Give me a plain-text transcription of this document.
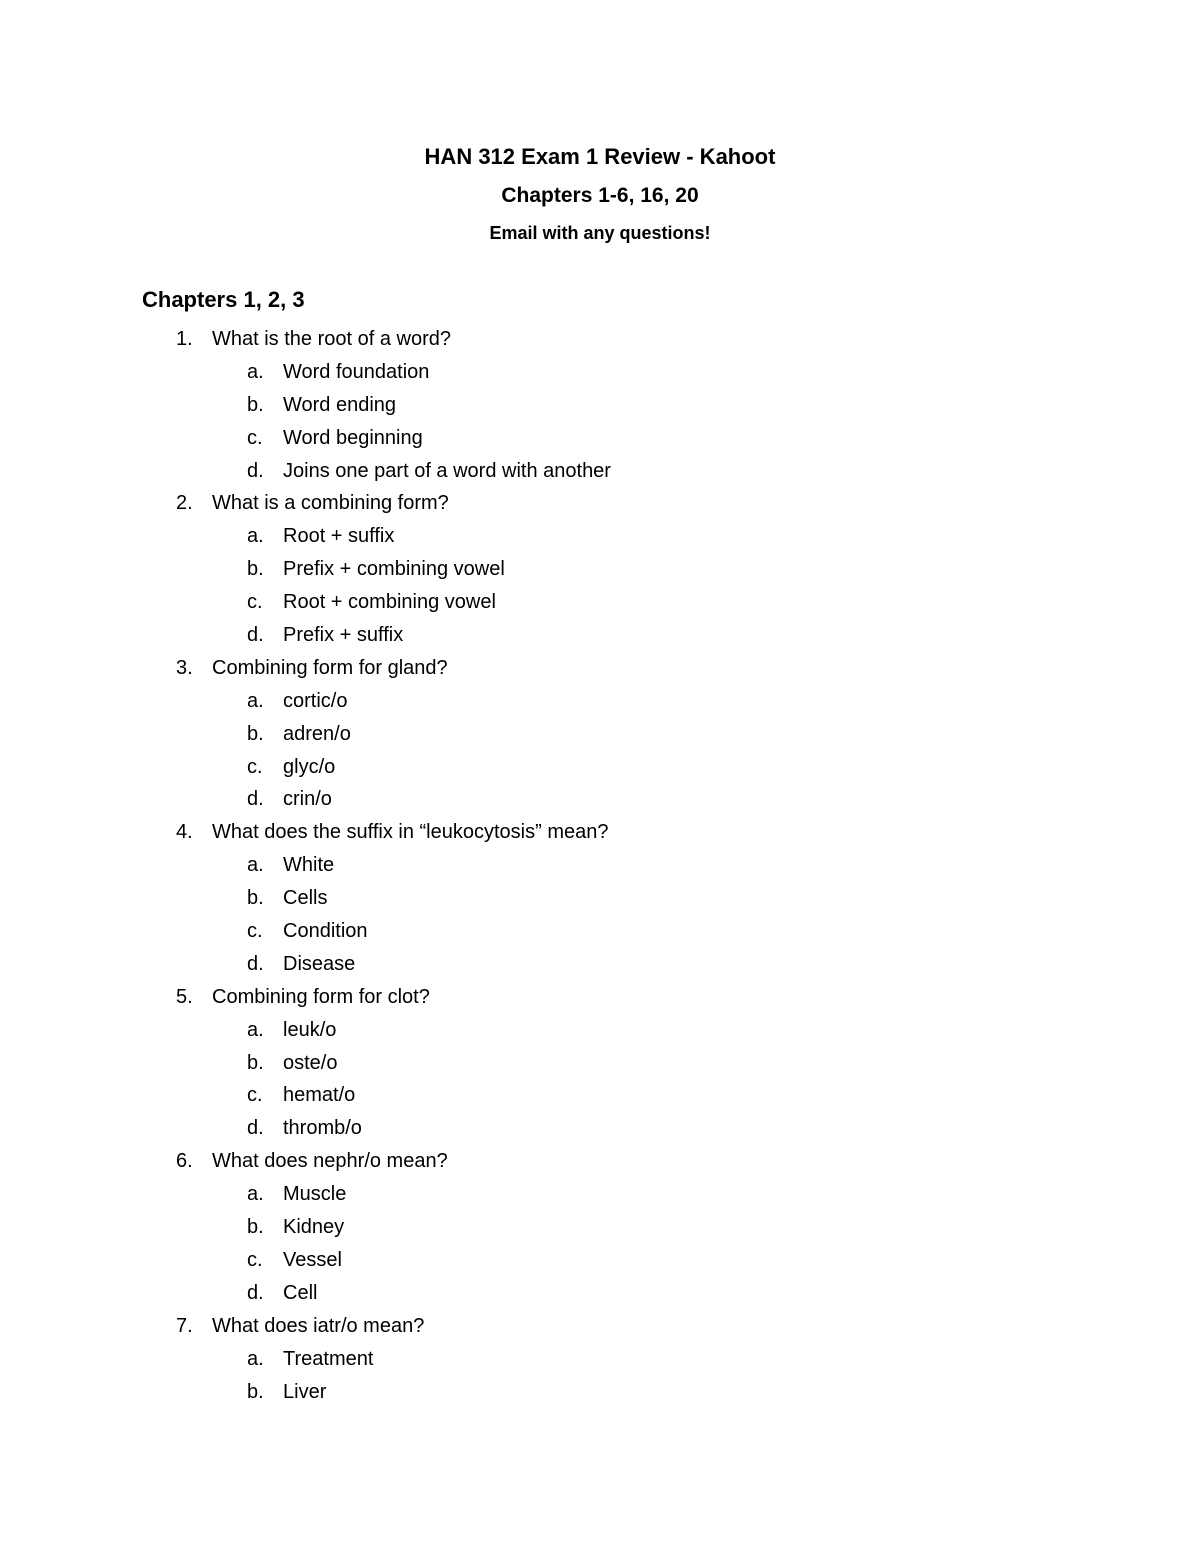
HAN 312 Exam 1 Review - Kahoot
Chapters 1-6, 16, 20
Email with any questions!
Chapters 1, 2, 3
1. What is the root of a word?
a. Word foundation
b. Word ending
c. Word beginning
d. Joins one part of a word with another
2. What is a combining form?
a. Root + suffix
b. Prefix + combining vowel
c. Root + combining vowel
d. Prefix + suffix
3. Combining form for gland?
a. cortic/o
b. adren/o
c. glyc/o
d. crin/o
4. What does the suffix in “leukocytosis” mean?
a. White
b. Cells
c. Condition
d. Disease
5. Combining form for clot?
a. leuk/o
b. oste/o
c. hemat/o
d. thromb/o
6. What does nephr/o mean?
a. Muscle
b. Kidney
c. Vessel
d. Cell
7. What does iatr/o mean?
a. Treatment
b. Liver
